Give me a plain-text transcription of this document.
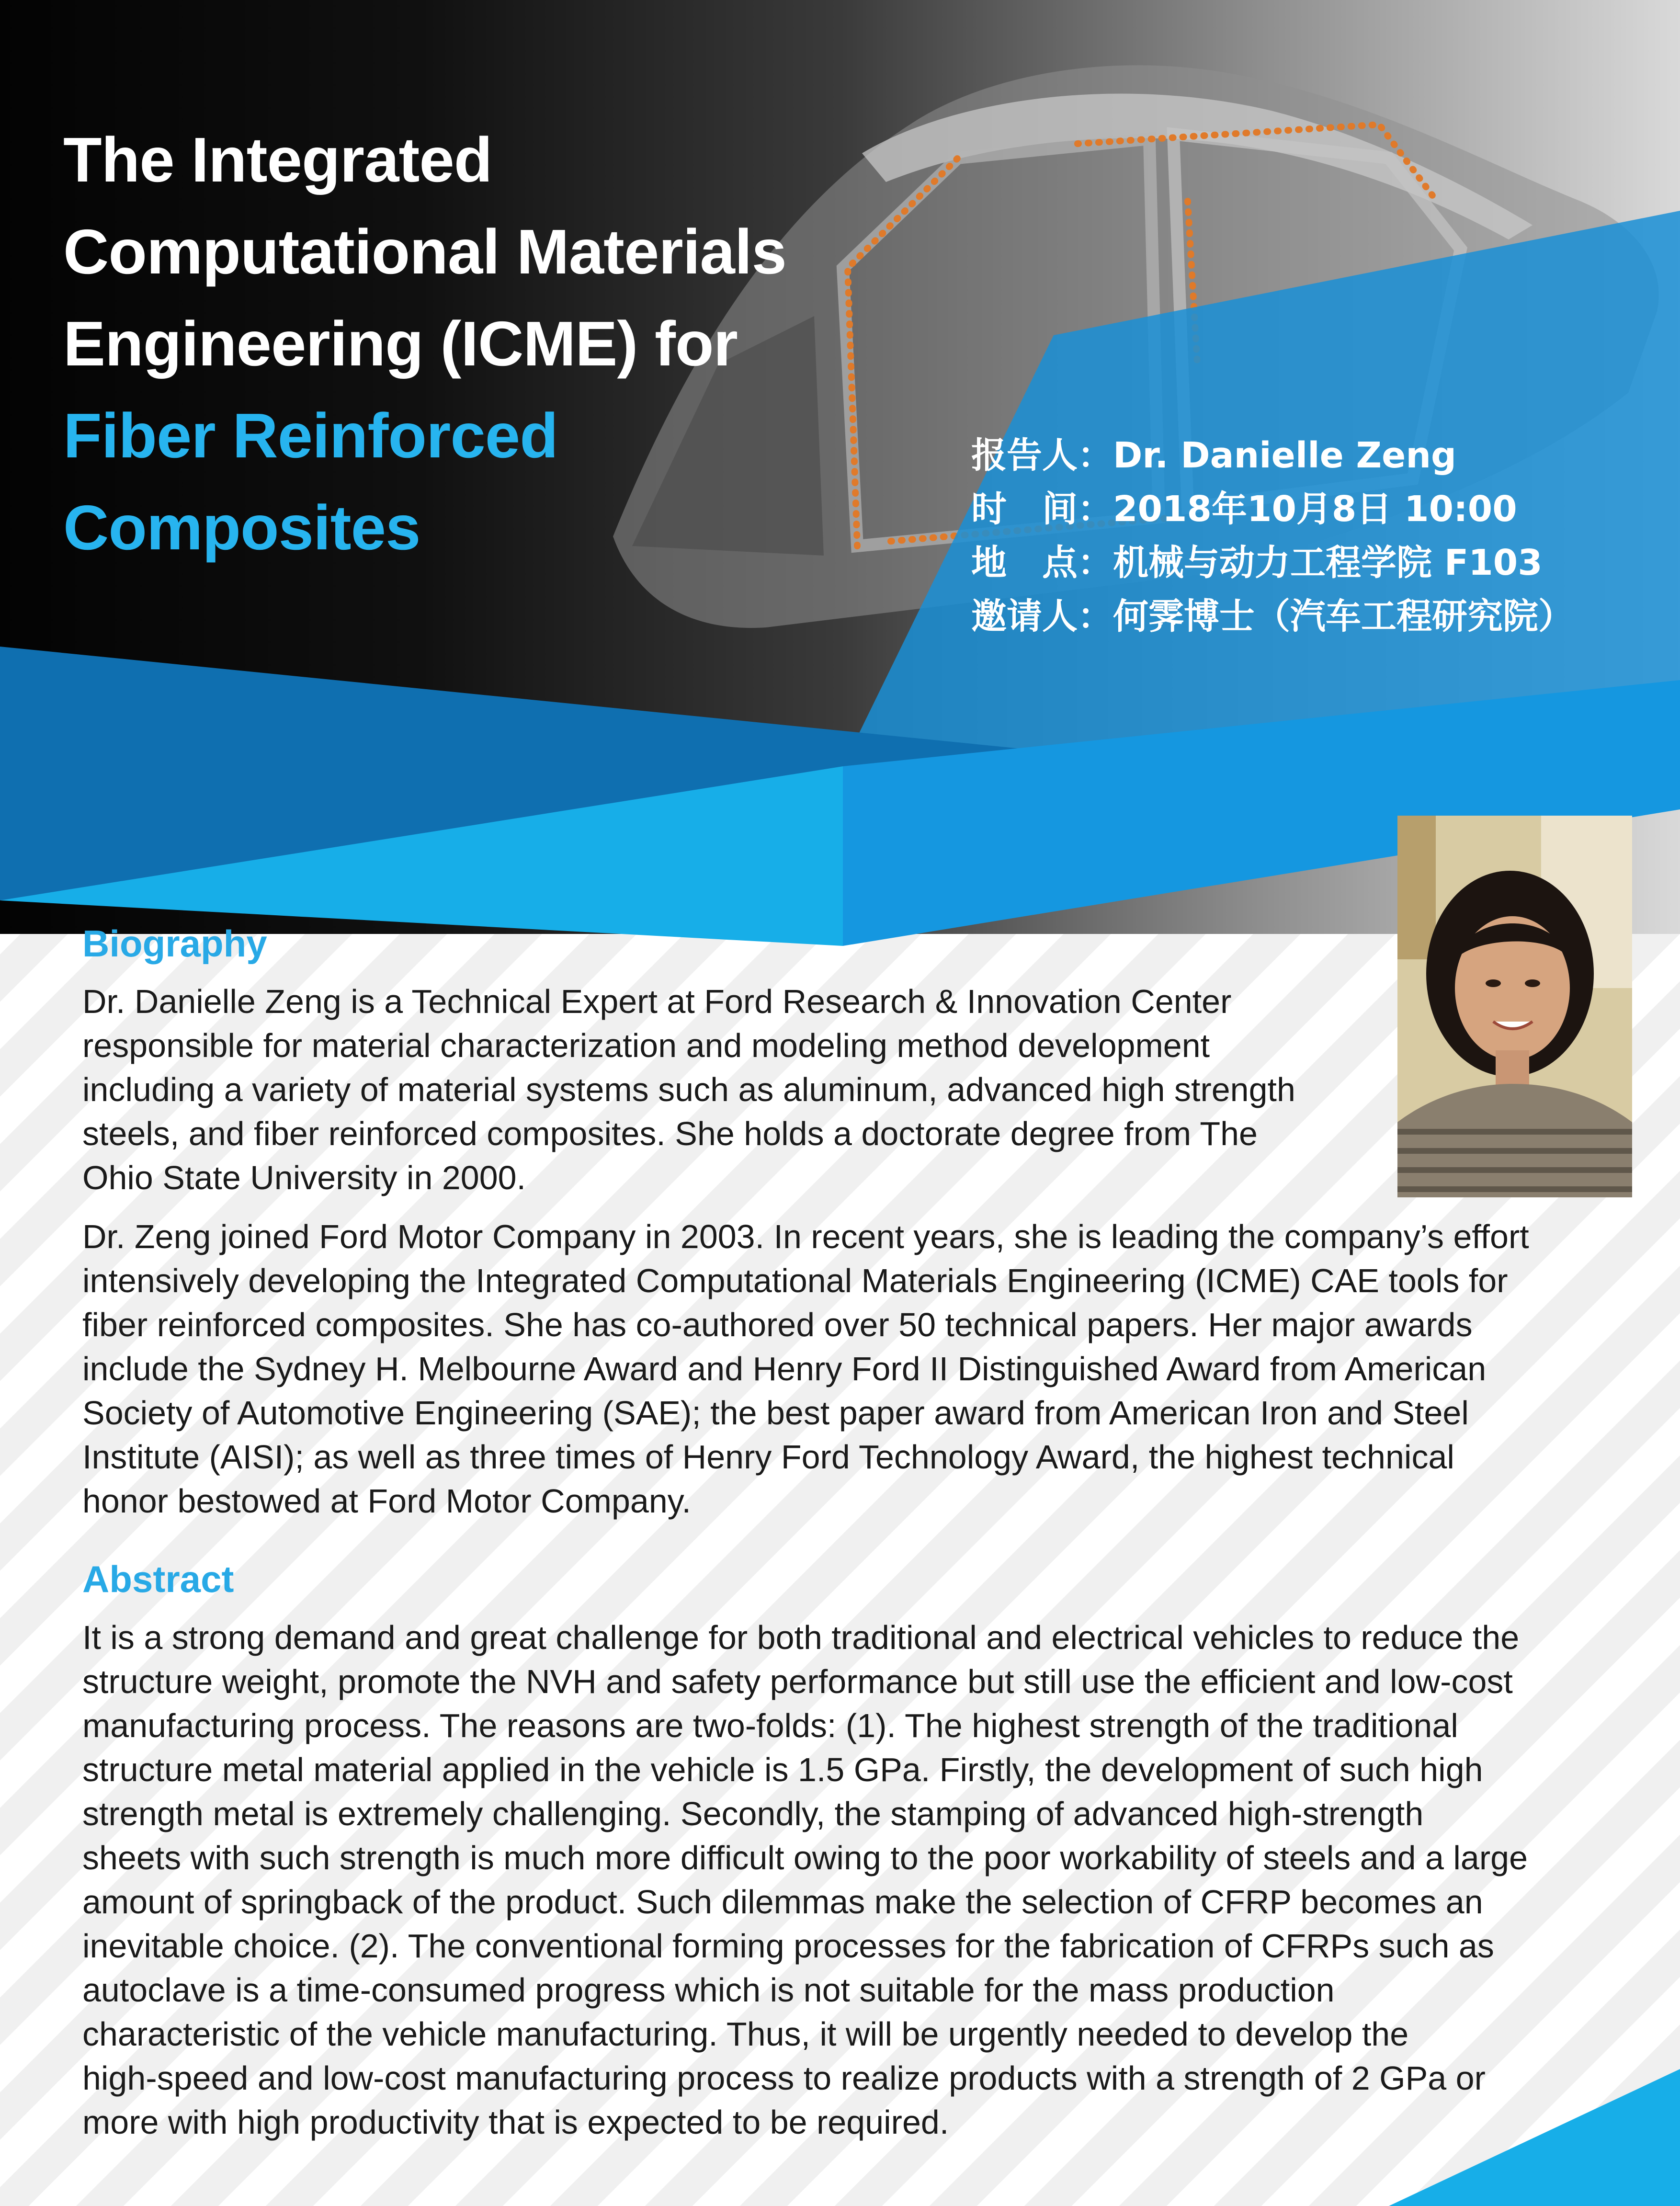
The Integrated
Computational Materials
Engineering (ICME) for
Fiber Reinforced
Composites
报告人：Dr. Danielle Zeng
时　间：2018年10月8日 10:00
地　点：机械与动力工程学院 F103
邀请人：何霁博士（汽车工程研究院）
Biography
Dr. Danielle Zeng is a Technical Expert at Ford Research & Innovation Center
responsible for material characterization and modeling method development
including a variety of material systems such as aluminum, advanced high strength
steels, and fiber reinforced composites. She holds a doctorate degree from The
Ohio State University in 2000.
Dr. Zeng joined Ford Motor Company in 2003. In recent years, she is leading the company’s effort
intensively developing the Integrated Computational Materials Engineering (ICME) CAE tools for
fiber reinforced composites. She has co-authored over 50 technical papers. Her major awards
include the Sydney H. Melbourne Award and Henry Ford II Distinguished Award from American
Society of Automotive Engineering (SAE); the best paper award from American Iron and Steel
Institute (AISI); as well as three times of Henry Ford Technology Award, the highest technical
honor bestowed at Ford Motor Company.
Abstract
It is a strong demand and great challenge for both traditional and electrical vehicles to reduce the
structure weight, promote the NVH and safety performance but still use the efficient and low-cost
manufacturing process. The reasons are two-folds: (1). The highest strength of the traditional
structure metal material applied in the vehicle is 1.5 GPa. Firstly, the development of such high
strength metal is extremely challenging. Secondly, the stamping of advanced high-strength
sheets with such strength is much more difficult owing to the poor workability of steels and a large
amount of springback of the product. Such dilemmas make the selection of CFRP becomes an
inevitable choice. (2). The conventional forming processes for the fabrication of CFRPs such as
autoclave is a time-consumed progress which is not suitable for the mass production
characteristic of the vehicle manufacturing. Thus, it will be urgently needed to develop the
high-speed and low-cost manufacturing process to realize products with a strength of 2 GPa or
more with high productivity that is expected to be required.
